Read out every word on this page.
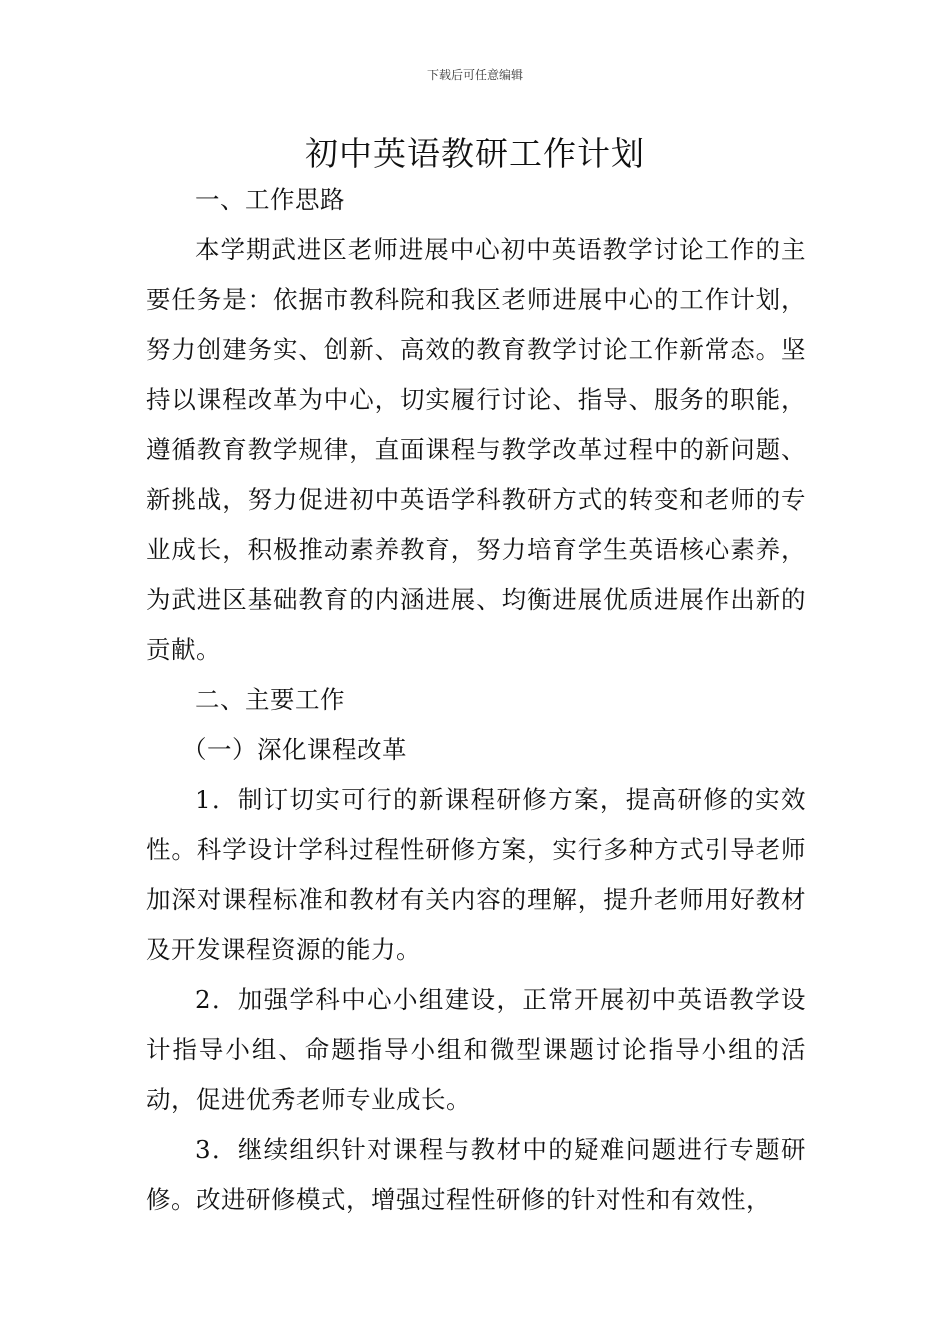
下载后可任意编辑
初中英语教研工作计划

一、工作思路

本学期武进区老师进展中心初中英语教学讨论工作的主要任务是：依据市教科院和我区老师进展中心的工作计划，努力创建务实、创新、高效的教育教学讨论工作新常态。坚持以课程改革为中心，切实履行讨论、指导、服务的职能，遵循教育教学规律，直面课程与教学改革过程中的新问题、新挑战，努力促进初中英语学科教研方式的转变和老师的专业成长，积极推动素养教育，努力培育学生英语核心素养，为武进区基础教育的内涵进展、均衡进展优质进展作出新的贡献。

二、主要工作

（一）深化课程改革

1．制订切实可行的新课程研修方案，提高研修的实效性。科学设计学科过程性研修方案，实行多种方式引导老师加深对课程标准和教材有关内容的理解，提升老师用好教材及开发课程资源的能力。

2．加强学科中心小组建设，正常开展初中英语教学设计指导小组、命题指导小组和微型课题讨论指导小组的活动，促进优秀老师专业成长。

3．继续组织针对课程与教材中的疑难问题进行专题研修。改进研修模式，增强过程性研修的针对性和有效性，
